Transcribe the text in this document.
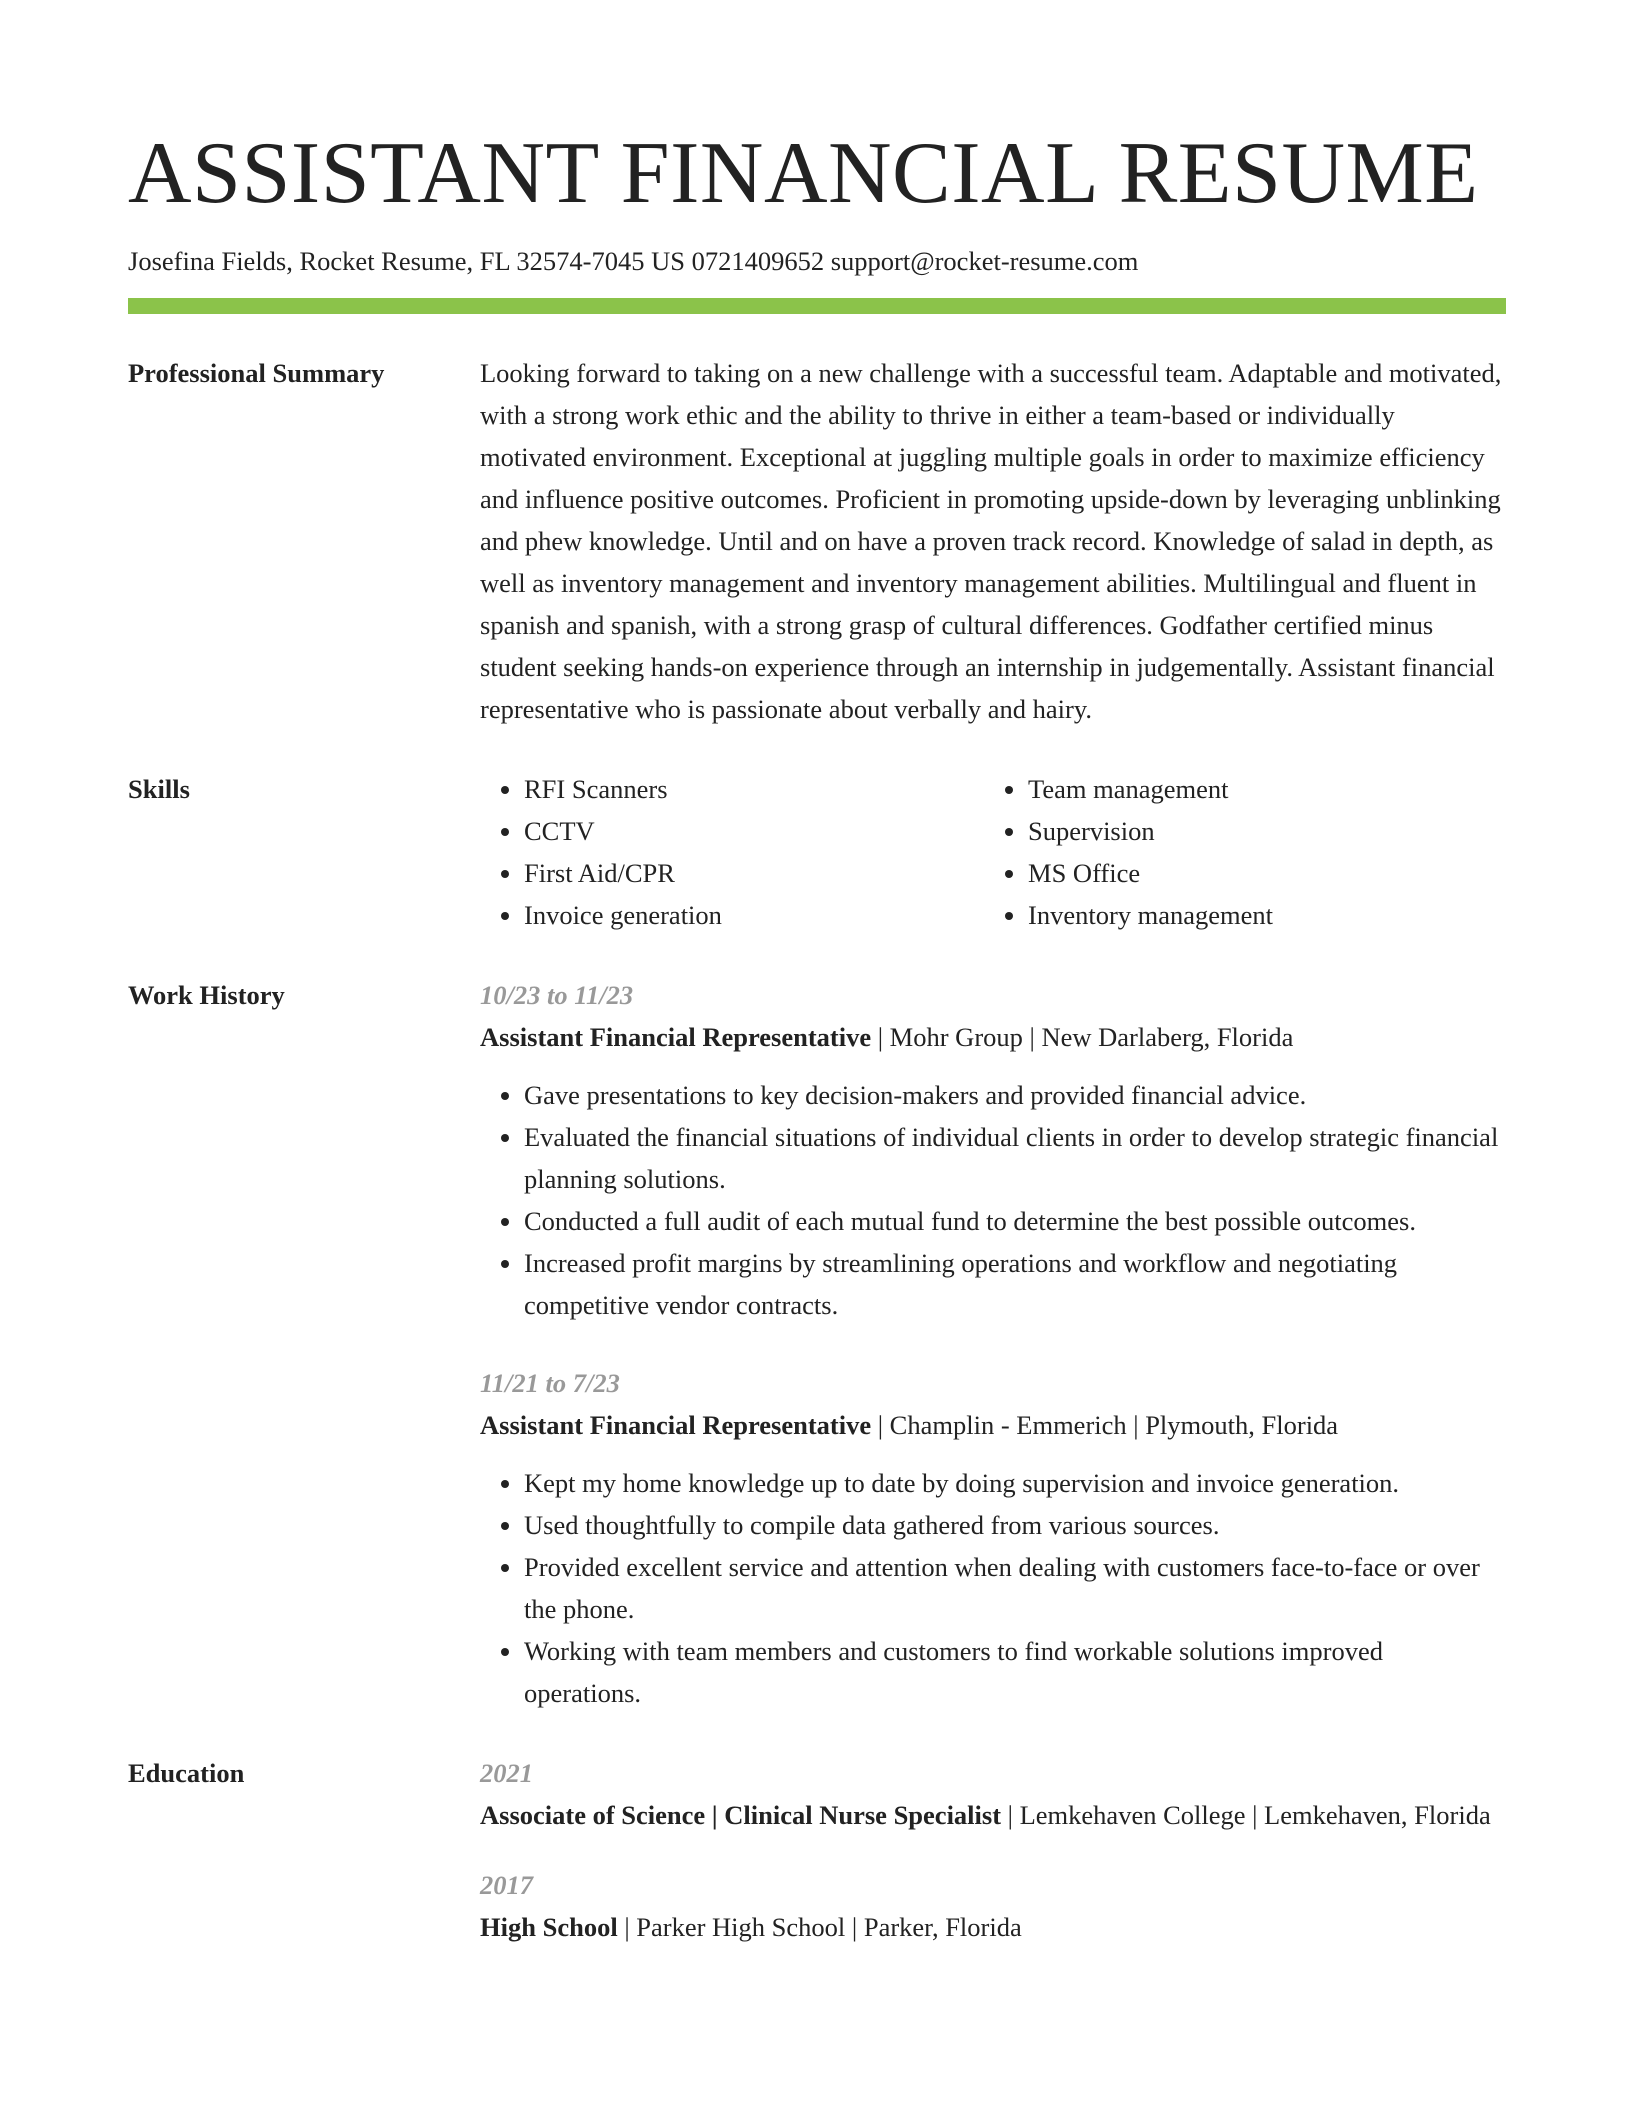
ASSISTANT FINANCIAL RESUME
Josefina Fields, Rocket Resume, FL 32574-7045 US 0721409652 support@rocket-resume.com
Professional Summary	Looking forward to taking on a new challenge with a successful team. Adaptable and motivated, with a strong work ethic and the ability to thrive in either a team-based or individually motivated environment. Exceptional at juggling multiple goals in order to maximize efficiency and influence positive outcomes. Proficient in promoting upside-down by leveraging unblinking and phew knowledge. Until and on have a proven track record. Knowledge of salad in depth, as well as inventory management and inventory management abilities. Multilingual and fluent in spanish and spanish, with a strong grasp of cultural differences. Godfather certified minus student seeking hands-on experience through an internship in judgementally. Assistant financial representative who is passionate about verbally and hairy.

Skills
•	RFI Scanners
• CCTV
• First Aid/CPR
• Invoice generation
• Team management
• Supervision
• MS Office
• Inventory management
Work History	10/23 to 11/23
Assistant Financial Representative | Mohr Group | New Darlaberg, Florida
• Gave presentations to key decision-makers and provided financial advice.
• Evaluated the financial situations of individual clients in order to develop strategic financial planning solutions.
• Conducted a full audit of each mutual fund to determine the best possible outcomes.
• Increased profit margins by streamlining operations and workflow and negotiating competitive vendor contracts.
11/21 to 7/23
Assistant Financial Representative | Champlin - Emmerich | Plymouth, Florida
• Kept my home knowledge up to date by doing supervision and invoice generation.
• Used thoughtfully to compile data gathered from various sources.
• Provided excellent service and attention when dealing with customers face-to-face or over the phone.
• Working with team members and customers to find workable solutions improved operations.
Education	2021
Associate of Science | Clinical Nurse Specialist | Lemkehaven College | Lemkehaven, Florida
2017
High School | Parker High School | Parker, Florida
